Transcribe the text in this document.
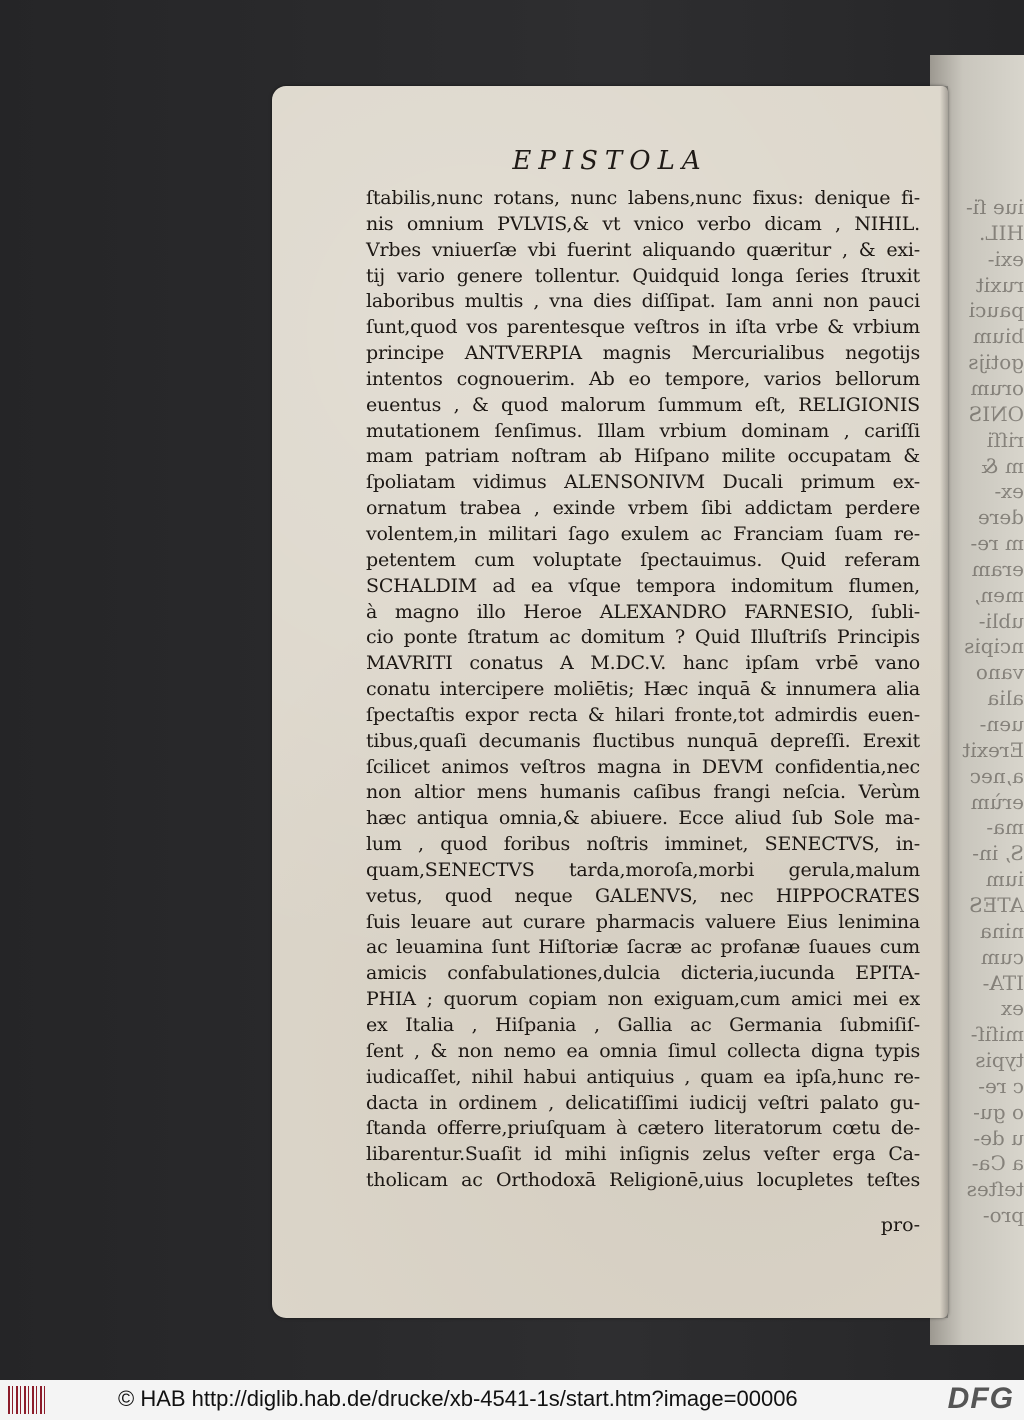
iue ſi-
HIL.
exi-
ruxit
pauci
bium
gotijs
orum
ONIS
riſſi
m &
ex-
dere
m re-
eram
men,
ubli-
ncipis
vano
alia
uen-
Erexit
a,nec
erùm
ma-
S, in-
ium
ATES
nina
cum
ITA-
ex
miſiſ-
typis
c re-
o gu-
u de-
a Ca-
teſtes
pro-
EPISTOLA
ſtabilis,nunc rotans, nunc labens,nunc fixus: denique fi-
nis omnium PVLVIS,& vt vnico verbo dicam , NIHIL.
Vrbes vniuerſæ vbi fuerint aliquando quæritur , & exi-
tij vario genere tollentur. Quidquid longa ſeries ſtruxit
laboribus multis , vna dies diſſipat. Iam anni non pauci
ſunt,quod vos parentesque veſtros in iſta vrbe & vrbium
principe ANTVERPIA magnis Mercurialibus negotijs
intentos cognouerim. Ab eo tempore, varios bellorum
euentus , & quod malorum ſummum eſt, RELIGIONIS
mutationem ſenſimus. Illam vrbium dominam , cariſſi
mam patriam noſtram ab Hiſpano milite occupatam &
ſpoliatam vidimus ALENSONIVM Ducali primum ex-
ornatum trabea , exinde vrbem ſibi addictam perdere
volentem,in militari ſago exulem ac Franciam ſuam re-
petentem cum voluptate ſpectauimus. Quid referam
SCHALDIM ad ea vſque tempora indomitum flumen,
à magno illo Heroe ALEXANDRO FARNESIO, ſubli-
cio ponte ſtratum ac domitum ? Quid Illuſtriſs Principis
MAVRITI conatus A M.DC.V. hanc ipſam vrbē vano
conatu intercipere moliētis; Hæc inquā & innumera alia
ſpectaſtis expor recta & hilari fronte,tot admirdis euen-
tibus,quaſi decumanis fluctibus nunquā depreſſi. Erexit
ſcilicet animos veſtros magna in DEVM confidentia,nec
non altior mens humanis caſibus frangi neſcia. Verùm
hæc antiqua omnia,& abiuere. Ecce aliud ſub Sole ma-
lum , quod foribus noſtris imminet, SENECTVS, in-
quam,SENECTVS tarda,moroſa,morbi gerula,malum
vetus, quod neque GALENVS, nec HIPPOCRATES
ſuis leuare aut curare pharmacis valuere Eius lenimina
ac leuamina ſunt Hiſtoriæ ſacræ ac profanæ ſuaues cum
amicis confabulationes,dulcia dicteria,iucunda EPITA-
PHIA ; quorum copiam non exiguam,cum amici mei ex
ex Italia , Hiſpania , Gallia ac Germania ſubmiſiſ-
ſent , & non nemo ea omnia ſimul collecta digna typis
iudicaſſet, nihil habui antiquius , quam ea ipſa,hunc re-
dacta in ordinem , delicatiſſimi iudicij veſtri palato gu-
ſtanda offerre,priuſquam à cætero literatorum cœtu de-
libarentur.Suaſit id mihi inſignis zelus veſter erga Ca-
tholicam ac Orthodoxā Religionē,uius locupletes teſtes
pro-
© HAB http://diglib.hab.de/drucke/xb-4541-1s/start.htm?image=00006	DFG
